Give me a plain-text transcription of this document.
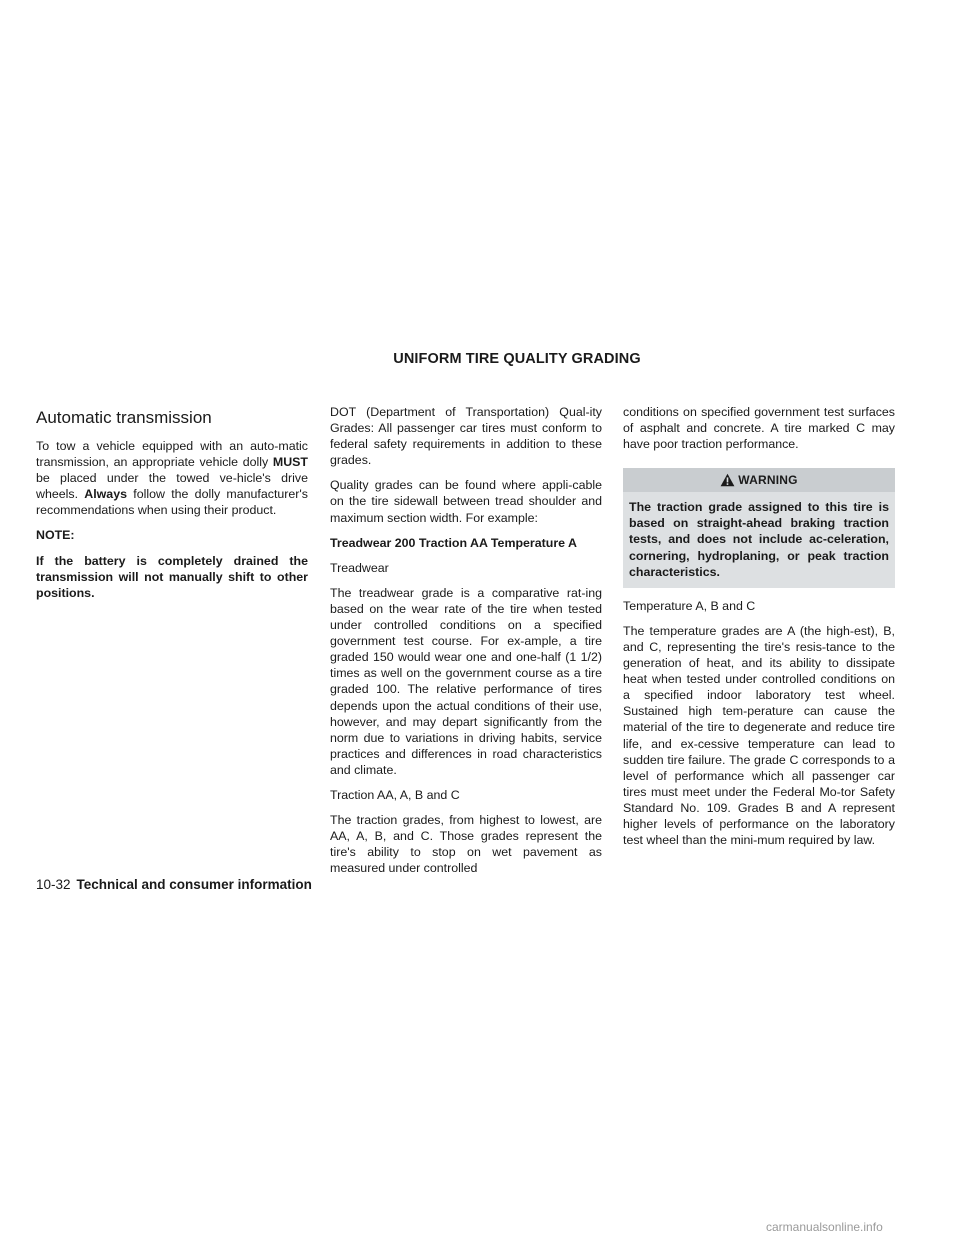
UNIFORM TIRE QUALITY GRADING
Automatic transmission

To tow a vehicle equipped with an auto-matic transmission, an appropriate vehicle dolly MUST be placed under the towed ve-hicle's drive wheels. Always follow the dolly manufacturer's recommendations when using their product.

NOTE:

If the battery is completely drained the transmission will not manually shift to other positions.

DOT (Department of Transportation) Qual-ity Grades: All passenger car tires must conform to federal safety requirements in addition to these grades.

Quality grades can be found where appli-cable on the tire sidewall between tread shoulder and maximum section width. For example:

Treadwear 200 Traction AA Temperature A

Treadwear

The treadwear grade is a comparative rat-ing based on the wear rate of the tire when tested under controlled conditions on a specified government test course. For ex-ample, a tire graded 150 would wear one and one-half (1 1/2) times as well on the government course as a tire graded 100. The relative performance of tires depends upon the actual conditions of their use, however, and may depart significantly from the norm due to variations in driving habits, service practices and differences in road characteristics and climate.

Traction AA, A, B and C

The traction grades, from highest to lowest, are AA, A, B, and C. Those grades represent the tire's ability to stop on wet pavement as measured under controlled

conditions on specified government test surfaces of asphalt and concrete. A tire marked C may have poor traction performance.

WARNING
The traction grade assigned to this tire is based on straight-ahead braking traction tests, and does not include ac-celeration, cornering, hydroplaning, or peak traction characteristics.

Temperature A, B and C

The temperature grades are A (the high-est), B, and C, representing the tire's resis-tance to the generation of heat, and its ability to dissipate heat when tested under controlled conditions on a specified indoor laboratory test wheel. Sustained high tem-perature can cause the material of the tire to degenerate and reduce tire life, and ex-cessive temperature can lead to sudden tire failure. The grade C corresponds to a level of performance which all passenger car tires must meet under the Federal Mo-tor Safety Standard No. 109. Grades B and A represent higher levels of performance on the laboratory test wheel than the mini-mum required by law.

10-32 Technical and consumer information
carmanualsonline.info
